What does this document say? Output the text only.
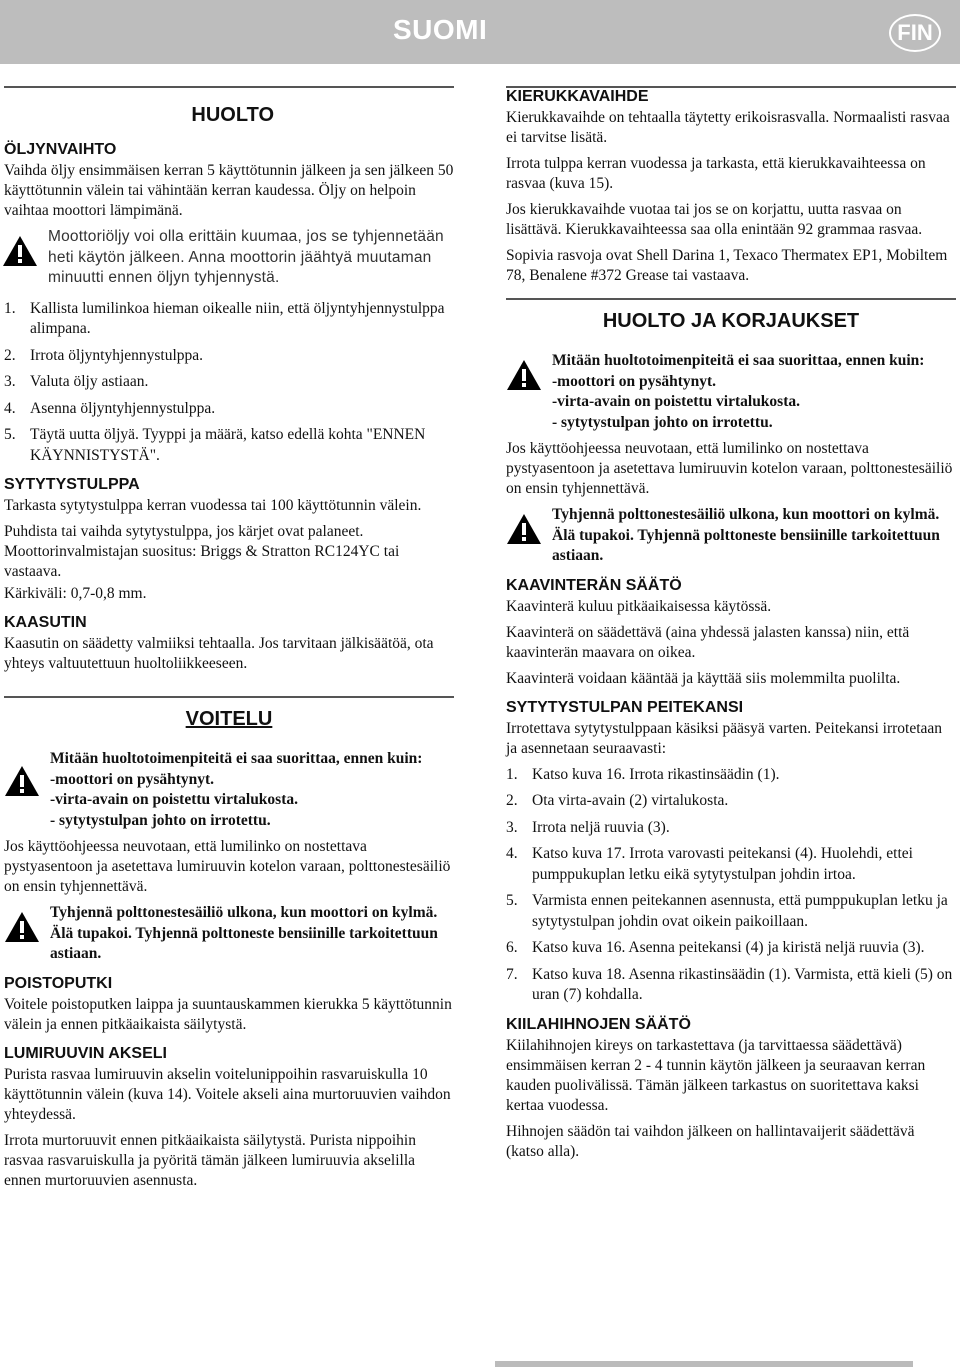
SUOMI	FIN
HUOLTO
ÖLJYNVAIHTO

Vaihda öljy ensimmäisen kerran 5 käyttötunnin jälkeen ja sen jälkeen 50 käyttötunnin välein tai vähintään kerran kaudessa. Öljy on helpoin vaihtaa moottori lämpimänä.

Moottoriöljy voi olla erittäin kuumaa, jos se tyhjennetään heti käytön jälkeen. Anna moottorin jäähtyä muutaman minuutti ennen öljyn tyhjennystä.
1. Kallista lumilinkoa hieman oikealle niin, että öljyntyhjennystulppa alimpana.
2. Irrota öljyntyhjennystulppa.
3. Valuta öljy astiaan.
4. Asenna öljyntyhjennystulppa.
5. Täytä uutta öljyä. Tyyppi ja määrä, katso edellä kohta "ENNEN KÄYNNISTYSTÄ".
SYTYTYSTULPPA

Tarkasta sytytystulppa kerran vuodessa tai 100 käyttötunnin välein.

Puhdista tai vaihda sytytystulppa, jos kärjet ovat palaneet. Moottorinvalmistajan suositus: Briggs & Stratton RC124YC tai vastaava.

Kärkiväli: 0,7-0,8 mm.

KAASUTIN

Kaasutin on säädetty valmiiksi tehtaalla. Jos tarvitaan jälkisäätöä, ota yhteys valtuutettuun huoltoliikkeeseen.

VOITELU
Mitään huoltotoimenpiteitä ei saa suorittaa, ennen kuin:
-moottori on pysähtynyt.
-virta-avain on poistettu virtalukosta.
- sytytystulpan johto on irrotettu.

Jos käyttöohjeessa neuvotaan, että lumilinko on nostettava pystyasentoon ja asetettava lumiruuvin kotelon varaan, polttonestesäiliö on ensin tyhjennettävä.

Tyhjennä polttonestesäiliö ulkona, kun moottori on kylmä. Älä tupakoi. Tyhjennä polttoneste bensiinille tarkoitettuun astiaan.
POISTOPUTKI

Voitele poistoputken laippa ja suuntauskammen kierukka 5 käyttötunnin välein ja ennen pitkäaikaista säilytystä.

LUMIRUUVIN AKSELI

Purista rasvaa lumiruuvin akselin voitelunippoihin rasvaruiskulla 10 käyttötunnin välein (kuva 14). Voitele akseli aina murtoruuvien vaihdon yhteydessä.

Irrota murtoruuvit ennen pitkäaikaista säilytystä. Purista nippoihin rasvaa rasvaruiskulla ja pyöritä tämän jälkeen lumiruuvia akselilla ennen murtoruuvien asennusta.

KIERUKKAVAIHDE

Kierukkavaihde on tehtaalla täytetty erikoisrasvalla. Normaalisti rasvaa ei tarvitse lisätä.

Irrota tulppa kerran vuodessa ja tarkasta, että kierukkavaihteessa on rasvaa (kuva 15).

Jos kierukkavaihde vuotaa tai jos se on korjattu, uutta rasvaa on lisättävä. Kierukkavaihteessa saa olla enintään 92 grammaa rasvaa.

Sopivia rasvoja ovat Shell Darina 1, Texaco Thermatex EP1, Mobiltem 78, Benalene #372 Grease tai vastaava.

HUOLTO JA KORJAUKSET
Mitään huoltotoimenpiteitä ei saa suorittaa, ennen kuin:
-moottori on pysähtynyt.
-virta-avain on poistettu virtalukosta.
- sytytystulpan johto on irrotettu.

Jos käyttöohjeessa neuvotaan, että lumilinko on nostettava pystyasentoon ja asetettava lumiruuvin kotelon varaan, polttonestesäiliö on ensin tyhjennettävä.

Tyhjennä polttonestesäiliö ulkona, kun moottori on kylmä. Älä tupakoi. Tyhjennä polttoneste bensiinille tarkoitettuun astiaan.
KAAVINTERÄN SÄÄTÖ

Kaavinterä kuluu pitkäaikaisessa käytössä.

Kaavinterä on säädettävä (aina yhdessä jalasten kanssa) niin, että kaavinterän maavara on oikea.

Kaavinterä voidaan kääntää ja käyttää siis molemmilta puolilta.

SYTYTYSTULPAN PEITEKANSI

Irrotettava sytytystulppaan käsiksi pääsyä varten. Peitekansi irrotetaan ja asennetaan seuraavasti:

1. Katso kuva 16. Irrota rikastinsäädin (1).
2. Ota virta-avain (2) virtalukosta.
3. Irrota neljä ruuvia (3).
4. Katso kuva 17. Irrota varovasti peitekansi (4). Huolehdi, ettei pumppukuplan letku eikä sytytystulpan johdin irtoa.
5. Varmista ennen peitekannen asennusta, että pumppukuplan letku ja sytytystulpan johdin ovat oikein paikoillaan.
6. Katso kuva 16. Asenna peitekansi (4) ja kiristä neljä ruuvia (3).
7. Katso kuva 18. Asenna rikastinsäädin (1). Varmista, että kieli (5) on uran (7) kohdalla.
KIILAHIHNOJEN SÄÄTÖ

Kiilahihnojen kireys on tarkastettava (ja tarvittaessa säädettävä) ensimmäisen kerran 2 - 4 tunnin käytön jälkeen ja seuraavan kerran kauden puolivälissä. Tämän jälkeen tarkastus on suoritettava kaksi kertaa vuodessa.

Hihnojen säädön tai vaihdon jälkeen on hallintavaijerit säädettävä (katso alla).
